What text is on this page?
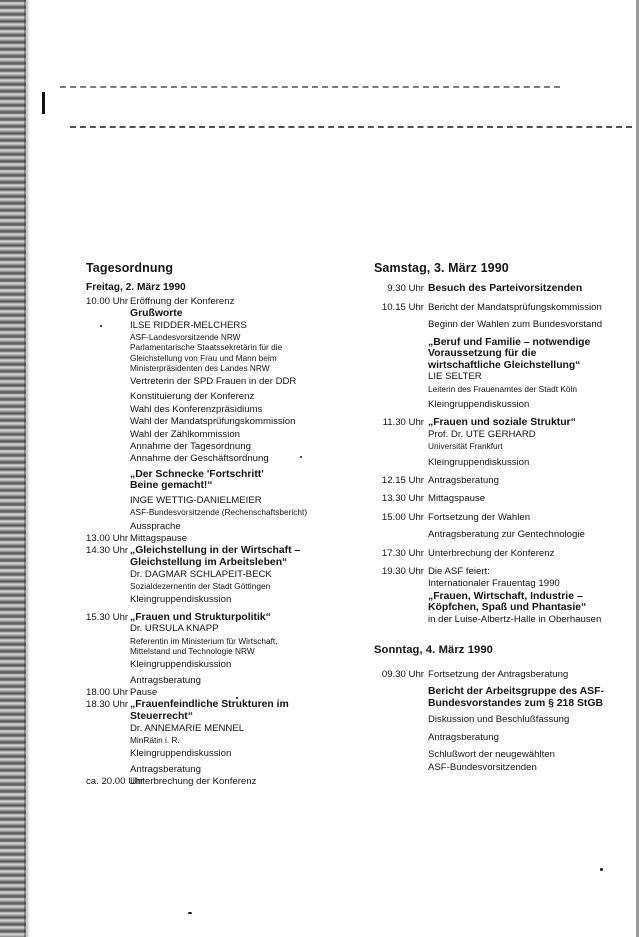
Tagesordnung
Freitag, 2. März 1990
10.00 Uhr Eröffnung der Konferenz
Grußworte
ILSE RIDDER-MELCHERS
ASF-Landesvorsitzende NRW
Parlamentarische Staatssekretärin für die
Gleichstellung von Frau und Mann beim
Ministerpräsidenten des Landes NRW
Vertreterin der SPD Frauen in der DDR
Konstituierung der Konferenz
Wahl des Konferenzpräsidiums
Wahl der Mandatsprüfungskommission
Wahl der Zählkommission
Annahme der Tagesordnung
Annahme der Geschäftsordnung
„Der Schnecke 'Fortschritt'
Beine gemacht!“
INGE WETTIG-DANIELMEIER
ASF-Bundesvorsitzende (Rechenschaftsbericht)
Aussprache
13.00 Uhr Mittagspause
14.30 Uhr „Gleichstellung in der Wirtschaft –
Gleichstellung im Arbeitsleben“
Dr. DAGMAR SCHLAPEIT-BECK
Sozialdezernentin der Stadt Göttingen
Kleingruppendiskussion
15.30 Uhr „Frauen und Strukturpolitik“
Dr. URSULA KNAPP
Referentin im Ministerium für Wirtschaft,
Mittelstand und Technologie NRW
Kleingruppendiskussion
Antragsberatung
18.00 Uhr Pause
18.30 Uhr „Frauenfeindliche Strukturen im
Steuerrecht“
Dr. ANNEMARIE MENNEL
MinRätin i. R.
Kleingruppendiskussion
Antragsberatung
ca. 20.00 Uhr
Unterbrechung der Konferenz
Samstag, 3. März 1990
9.30 Uhr Besuch des Parteivorsitzenden
10.15 Uhr Bericht der Mandatsprüfungskommission
Beginn der Wahlen zum Bundesvorstand
„Beruf und Familie – notwendige
Voraussetzung für die
wirtschaftliche Gleichstellung“
LIE SELTER
Leiterin des Frauenamtes der Stadt Köln
Kleingruppendiskussion
11.30 Uhr „Frauen und soziale Struktur“
Prof. Dr. UTE GERHARD
Universität Frankfurt
Kleingruppendiskussion
12.15 Uhr Antragsberatung
13.30 Uhr Mittagspause
15.00 Uhr Fortsetzung der Wahlen
Antragsberatung zur Gentechnologie
17.30 Uhr Unterbrechung der Konferenz
19.30 Uhr Die ASF feiert:
Internationaler Frauentag 1990
„Frauen, Wirtschaft, Industrie –
Köpfchen, Spaß und Phantasie“
in der Luise-Albertz-Halle in Oberhausen
Sonntag, 4. März 1990
09.30 Uhr Fortsetzung der Antragsberatung
Bericht der Arbeitsgruppe des ASF-
Bundesvorstandes zum § 218 StGB
Diskussion und Beschlußfassung
Antragsberatung
Schlußwort der neugewählten
ASF-Bundesvorsitzenden
